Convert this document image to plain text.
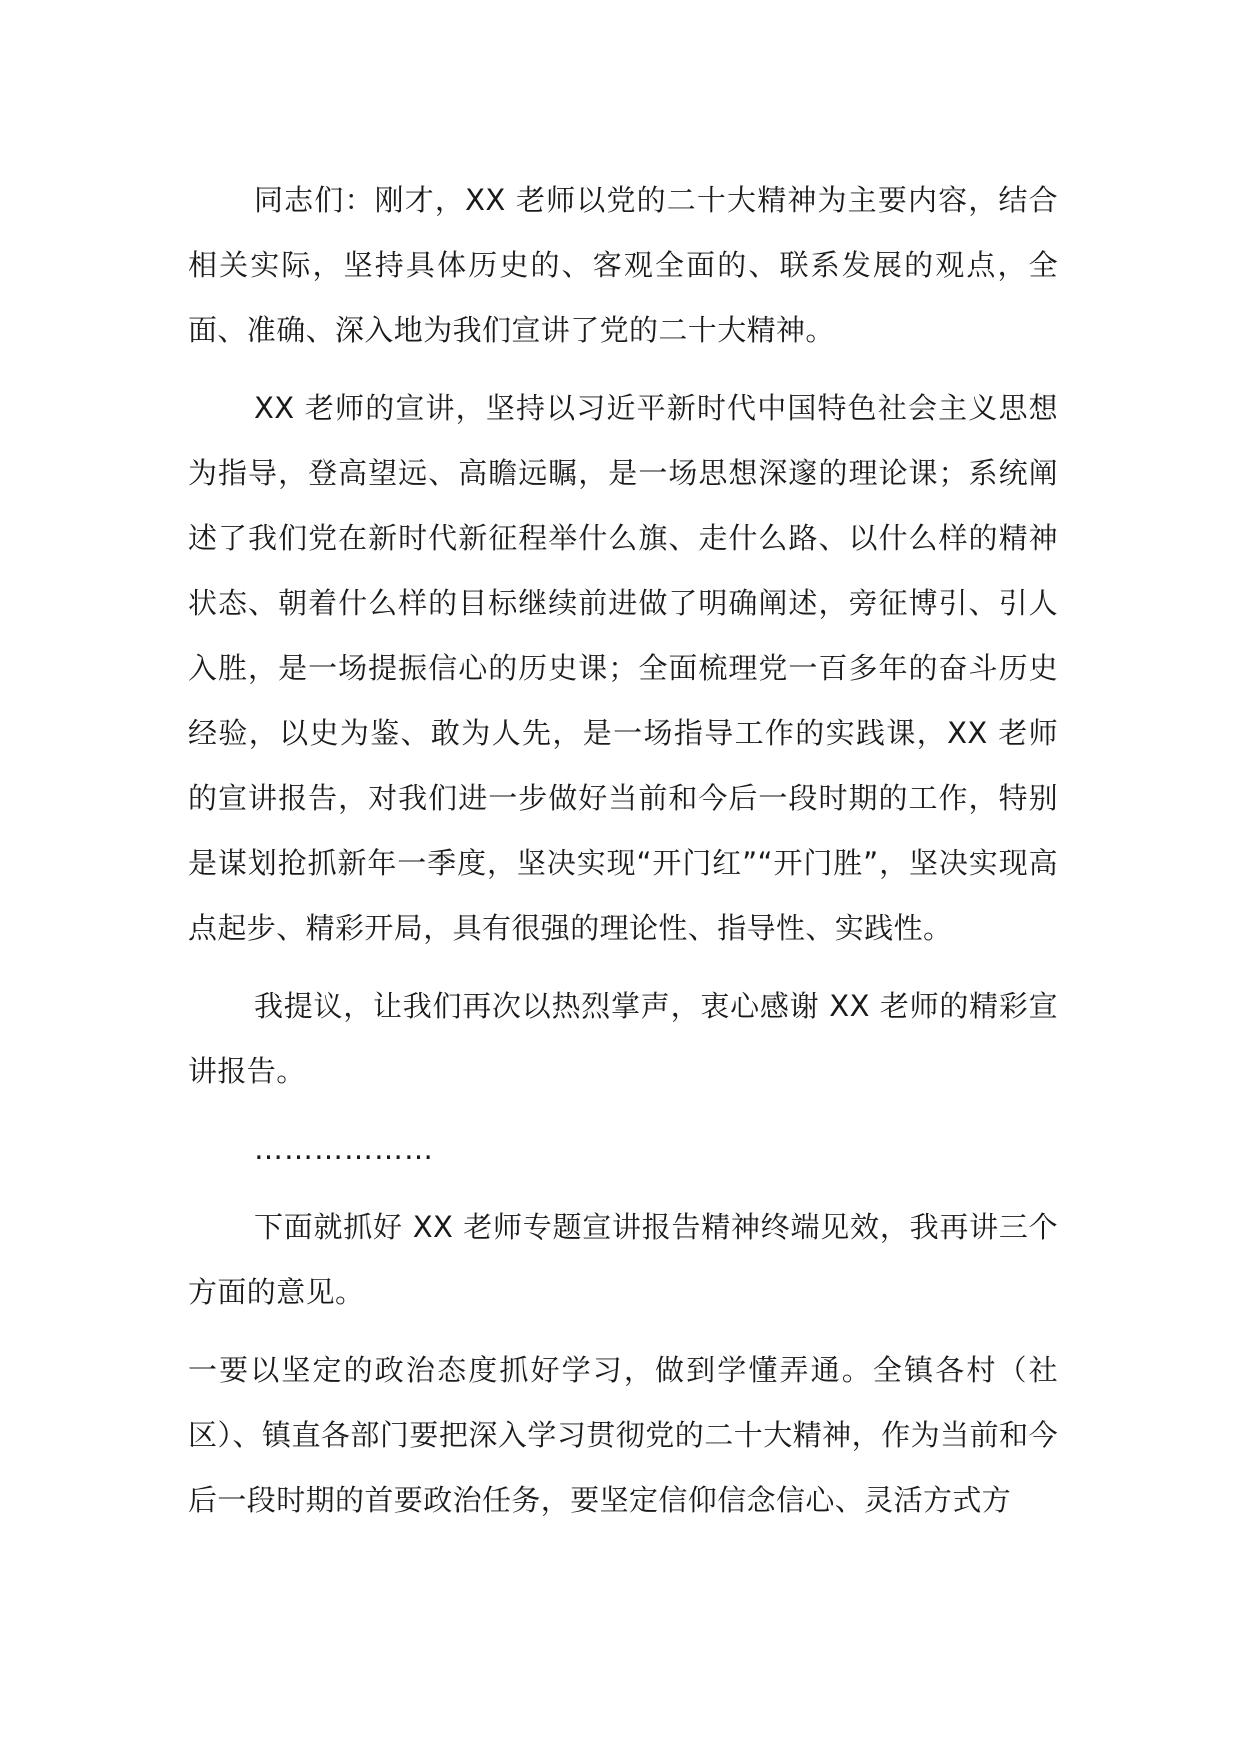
同志们：刚才，XX 老师以党的二十大精神为主要内容，结合相关实际，坚持具体历史的、客观全面的、联系发展的观点，全面、准确、深入地为我们宣讲了党的二十大精神。

XX 老师的宣讲，坚持以习近平新时代中国特色社会主义思想为指导，登高望远、高瞻远瞩，是一场思想深邃的理论课；系统阐述了我们党在新时代新征程举什么旗、走什么路、以什么样的精神状态、朝着什么样的目标继续前进做了明确阐述，旁征博引、引人入胜，是一场提振信心的历史课；全面梳理党一百多年的奋斗历史经验，以史为鉴、敢为人先，是一场指导工作的实践课，XX 老师的宣讲报告，对我们进一步做好当前和今后一段时期的工作，特别是谋划抢抓新年一季度，坚决实现“开门红”“开门胜”，坚决实现高点起步、精彩开局，具有很强的理论性、指导性、实践性。

我提议，让我们再次以热烈掌声，衷心感谢 XX 老师的精彩宣讲报告。

………………

下面就抓好 XX 老师专题宣讲报告精神终端见效，我再讲三个方面的意见。

一要以坚定的政治态度抓好学习，做到学懂弄通。全镇各村（社区）、镇直各部门要把深入学习贯彻党的二十大精神，作为当前和今后一段时期的首要政治任务，要坚定信仰信念信心、灵活方式方
